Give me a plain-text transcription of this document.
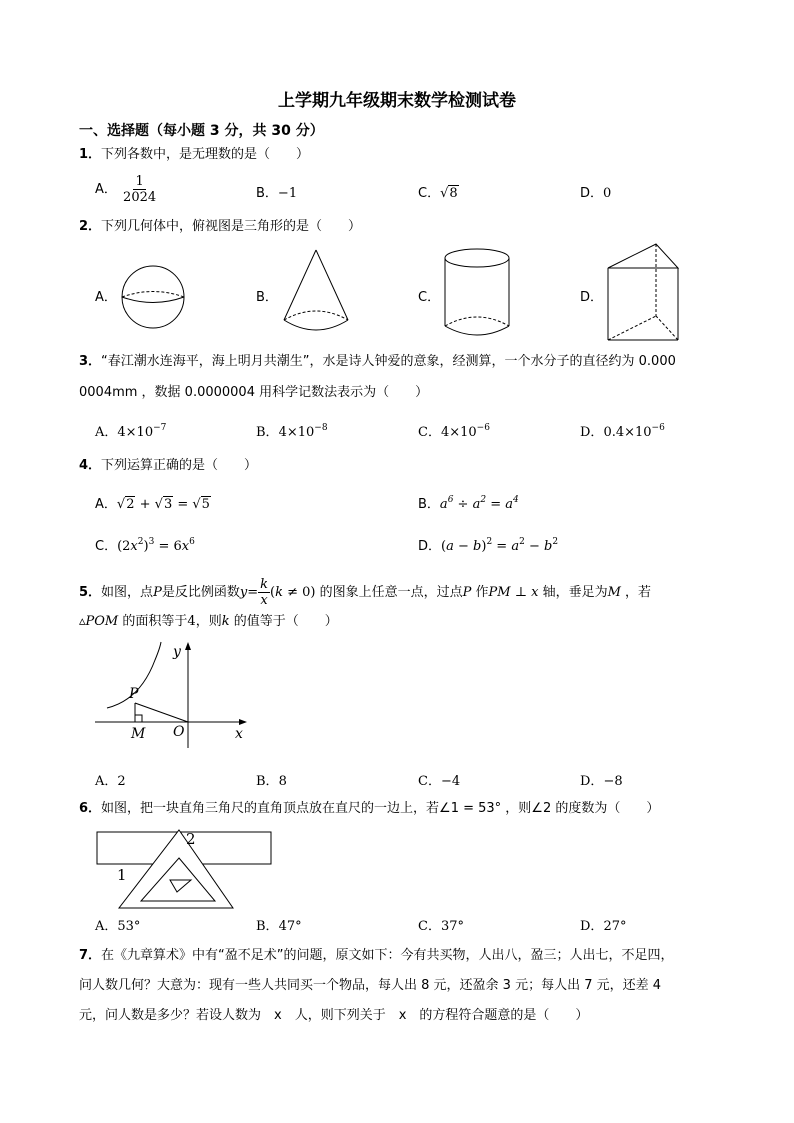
上学期九年级期末数学检测试卷
一、选择题（每小题 3 分，共 30 分）
1．下列各数中，是无理数的是（　　）
A． $\frac{1}{2024}$	B．−1	C．√8	D．0
2．下列几何体中，俯视图是三角形的是（　　）
A．	B．	C．	D．
3．“春江潮水连海平，海上明月共潮生”，水是诗人钟爱的意象，经测算，一个水分子的直径约为 0.000
0004mm ，数据 0.0000004 用科学记数法表示为（　　）
A．$4\times 10^{-7}$	B．$4\times 10^{-8}$	C．$4\times 10^{-6}$	D．$0.4\times 10^{-6}$
4．下列运算正确的是（　　）
A．√2 + √3 = √5	B．$a^6 \div a^2 = a^4$
C．$(2x^2)^3 = 6x^6$	D．$(a - b)^2 = a^2 - b^2$
5．如图，点P是反比例函数$y= \frac{k}{x} (k \ne 0)$ 的图象上任意一点，过点P 作PM ⊥ x 轴，垂足为M ，若
▵POM 的面积等于4，则k 的值等于（　　）
y
x
P
M O
A．2	B．8	C．−4	D．−8
6．如图，把一块直角三角尺的直角顶点放在直尺的一边上，若∠1 = 53° ，则∠2 的度数为（　　）
2
1
A．53°	B．47°	C．37°	D．27°
7．在《九章算术》中有“盈不足术”的问题，原文如下：今有共买物，人出八，盈三；人出七，不足四，
问人数几何？大意为：现有一些人共同买一个物品，每人出 8 元，还盈余 3 元；每人出 7 元，还差 4
元，问人数是多少？若设人数为　x　人，则下列关于　x　的方程符合题意的是（　　）
